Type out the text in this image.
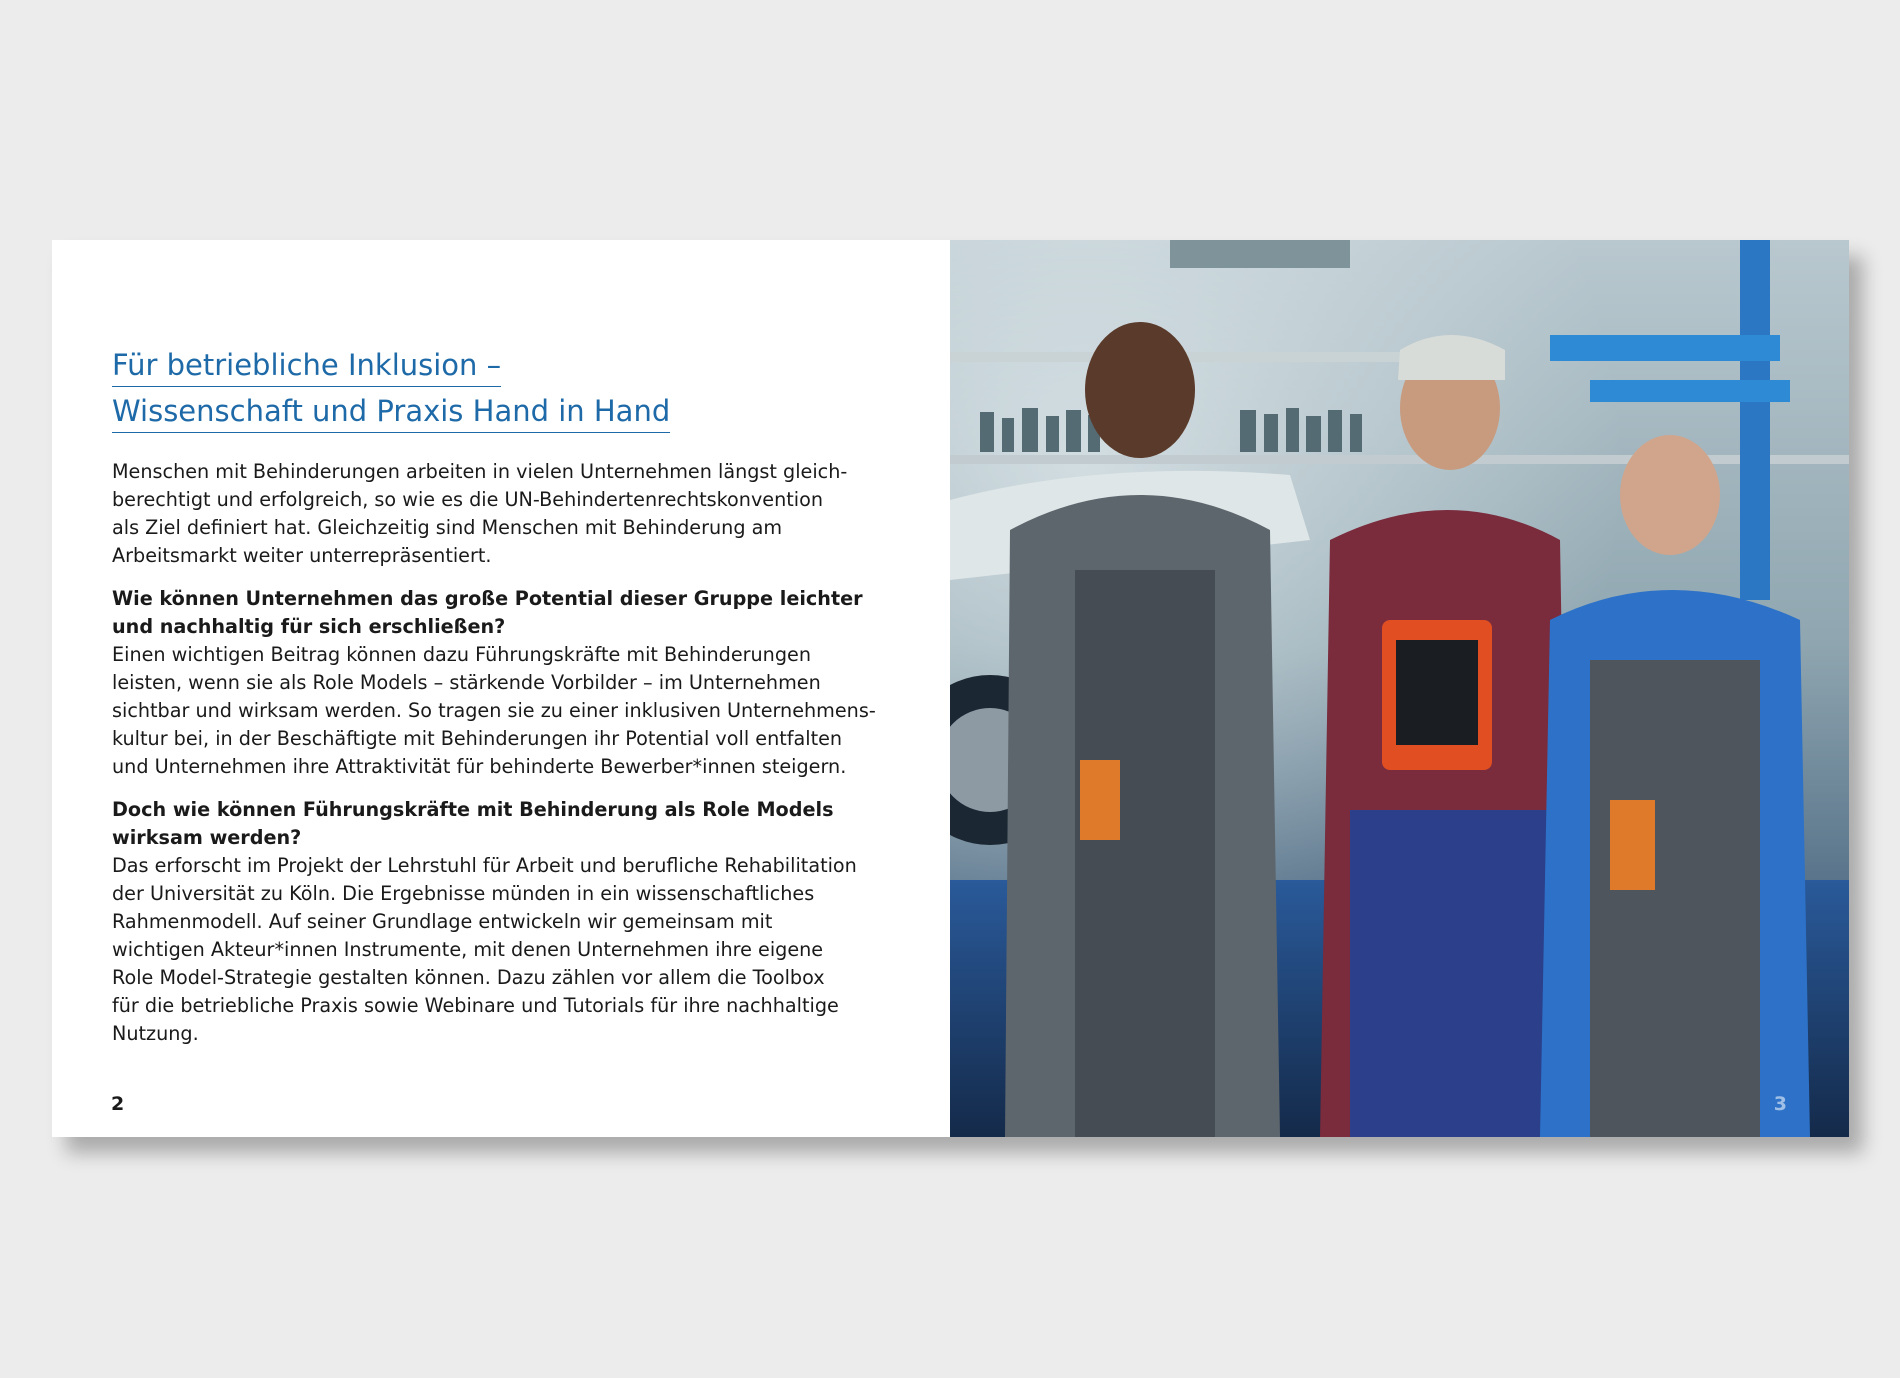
Für betriebliche Inklusion –
Wissenschaft und Praxis Hand in Hand

Menschen mit Behinderungen arbeiten in vielen Unternehmen längst gleich-
berechtigt und erfolgreich, so wie es die UN-Behindertenrechtskonvention
als Ziel definiert hat. Gleichzeitig sind Menschen mit Behinderung am
Arbeitsmarkt weiter unterrepräsentiert.

Wie können Unternehmen das große Potential dieser Gruppe leichter
und nachhaltig für sich erschließen?
Einen wichtigen Beitrag können dazu Führungskräfte mit Behinderungen
leisten, wenn sie als Role Models – stärkende Vorbilder – im Unternehmen
sichtbar und wirksam werden. So tragen sie zu einer inklusiven Unternehmens-
kultur bei, in der Beschäftigte mit Behinderungen ihr Potential voll entfalten
und Unternehmen ihre Attraktivität für behinderte Bewerber*innen steigern.

Doch wie können Führungskräfte mit Behinderung als Role Models
wirksam werden?
Das erforscht im Projekt der Lehrstuhl für Arbeit und berufliche Rehabilitation
der Universität zu Köln. Die Ergebnisse münden in ein wissenschaftliches
Rahmenmodell. Auf seiner Grundlage entwickeln wir gemeinsam mit
wichtigen Akteur*innen Instrumente, mit denen Unternehmen ihre eigene
Role Model-Strategie gestalten können. Dazu zählen vor allem die Toolbox
für die betriebliche Praxis sowie Webinare und Tutorials für ihre nachhaltige
Nutzung.

2	3
